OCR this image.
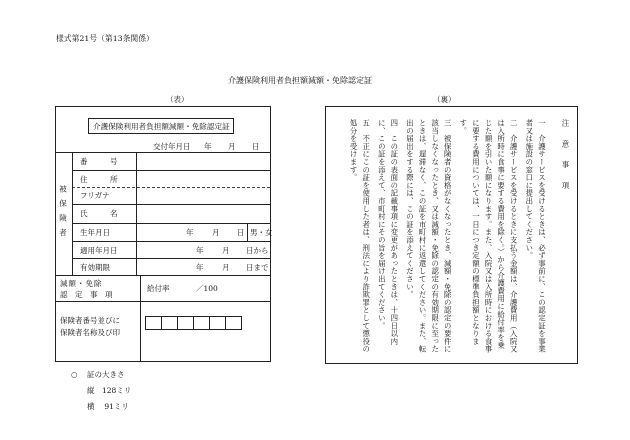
様式第21号（第13条関係）
介護保険利用者負担額減額・免除認定証
（表）
介護保険利用者負担額減額・免除認定証
交付年月日 年 月 日
被保険者
番　　　号
住　　　所
フリガナ
氏　　　名
生年月日
適用年月日
有効期限
年 月 日 男・女
年 月 日から
年 月 日まで
減額・免除
認　定　事　項
給付率	／100
保険者番号並びに
保険者名称及び印
○ 証の大きさ
縦　128ミリ
横　 91ミリ
（裏）
注　意　事　項
一　介護サービスを受けるときは、必ず事前に、この認定証を事業者又は施設の窓口に提出してください。
二　介護サービスを受けるときに支払う金額は、介護費用（入院又は入所時に食事に要する費用を除く。）から介護費用に給付率を乗じた額を引いた額になります。また、入院又は入所時における食事に要する費用については、一日につき定額の標準負担額となります。
三　被保険者の資格がなくなったとき、減額・免除の認定の要件に該当しなくなったとき、又は減額・免除の認定の有効期限に至ったときは、遅滞なく、この証を市町村に返還してください。また、転出の届出をする際には、この証を添えてください。
四　この証の表面の記載事項に変更があったときは、十四日以内に、この証を添えて、市町村にその旨を届け出てください。
五　不正にこの証を使用した者は、刑法により詐欺罪として懲役の処分を受けます。
